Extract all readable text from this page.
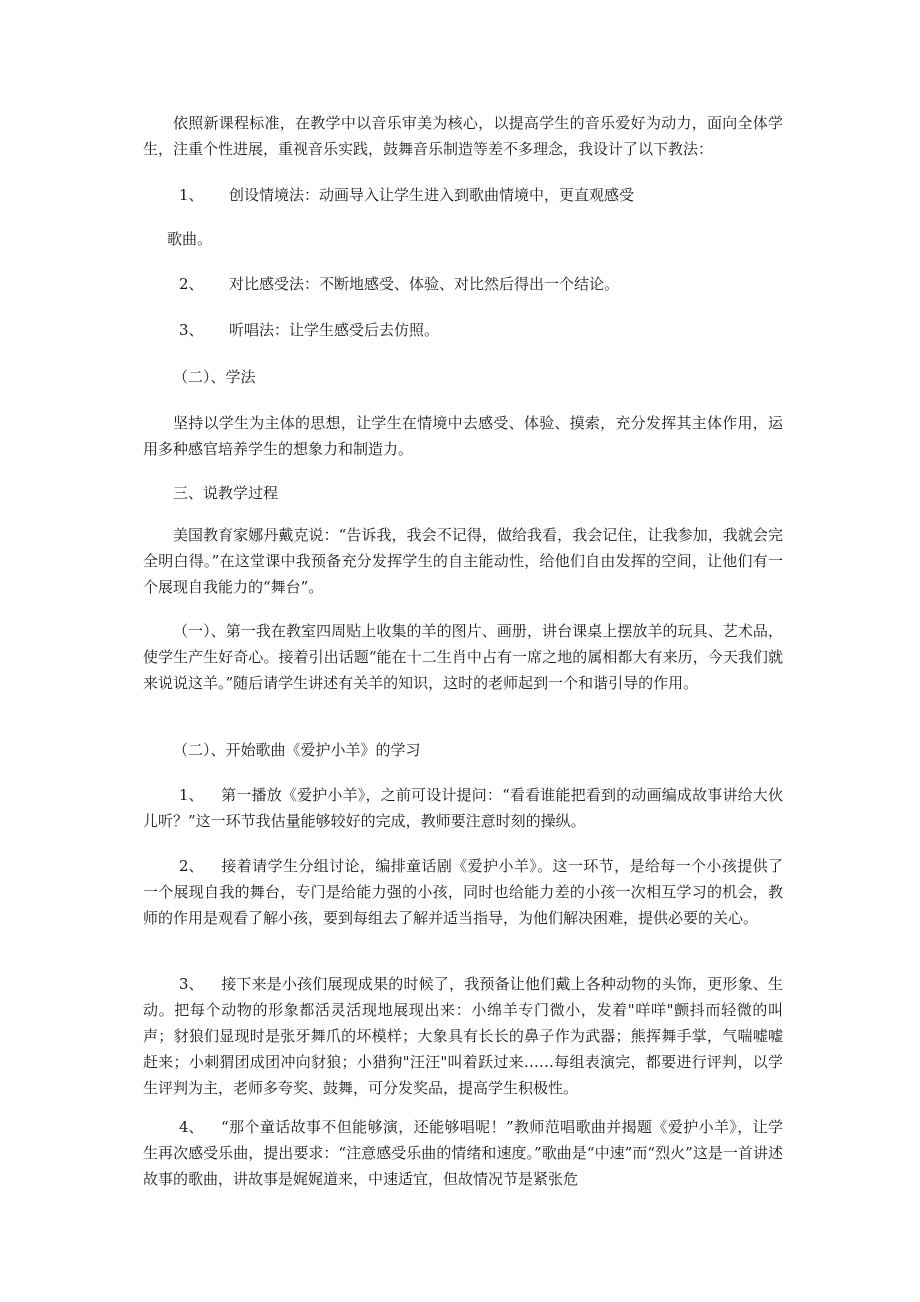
依照新课程标准，在教学中以音乐审美为核心，以提高学生的音乐爱好为动力，面向全体学生，注重个性进展，重视音乐实践，鼓舞音乐制造等差不多理念，我设计了以下教法：

1、 创设情境法：动画导入让学生进入到歌曲情境中，更直观感受

歌曲。

2、 对比感受法：不断地感受、体验、对比然后得出一个结论。

3、 听唱法：让学生感受后去仿照。

（二）、学法

坚持以学生为主体的思想，让学生在情境中去感受、体验、摸索，充分发挥其主体作用，运用多种感官培养学生的想象力和制造力。

三、说教学过程

美国教育家娜丹戴克说：“告诉我，我会不记得，做给我看，我会记住，让我参加，我就会完全明白得。”在这堂课中我预备充分发挥学生的自主能动性，给他们自由发挥的空间，让他们有一个展现自我能力的“舞台”。

（一）、第一我在教室四周贴上收集的羊的图片、画册，讲台课桌上摆放羊的玩具、艺术品，使学生产生好奇心。接着引出话题“能在十二生肖中占有一席之地的属相都大有来历，今天我们就来说说这羊。”随后请学生讲述有关羊的知识，这时的老师起到一个和谐引导的作用。

（二）、开始歌曲《爱护小羊》的学习

1、 第一播放《爱护小羊》，之前可设计提问：“看看谁能把看到的动画编成故事讲给大伙儿听？”这一环节我估量能够较好的完成，教师要注意时刻的操纵。

2、 接着请学生分组讨论，编排童话剧《爱护小羊》。这一环节，是给每一个小孩提供了一个展现自我的舞台，专门是给能力强的小孩，同时也给能力差的小孩一次相互学习的机会，教师的作用是观看了解小孩，要到每组去了解并适当指导，为他们解决困难，提供必要的关心。

3、 接下来是小孩们展现成果的时候了，我预备让他们戴上各种动物的头饰，更形象、生动。把每个动物的形象都活灵活现地展现出来：小绵羊专门微小，发着"咩咩"颤抖而轻微的叫声；豺狼们显现时是张牙舞爪的坏模样；大象具有长长的鼻子作为武器；熊挥舞手掌，气喘嘘嘘赶来；小刺猬团成团冲向豺狼；小猎狗"汪汪"叫着跃过来……每组表演完，都要进行评判，以学生评判为主，老师多夸奖、鼓舞，可分发奖品，提高学生积极性。

4、 “那个童话故事不但能够演，还能够唱呢！”教师范唱歌曲并揭题《爱护小羊》，让学生再次感受乐曲，提出要求：“注意感受乐曲的情绪和速度。”歌曲是“中速”而“烈火”这是一首讲述故事的歌曲，讲故事是娓娓道来，中速适宜，但故情况节是紧张危
